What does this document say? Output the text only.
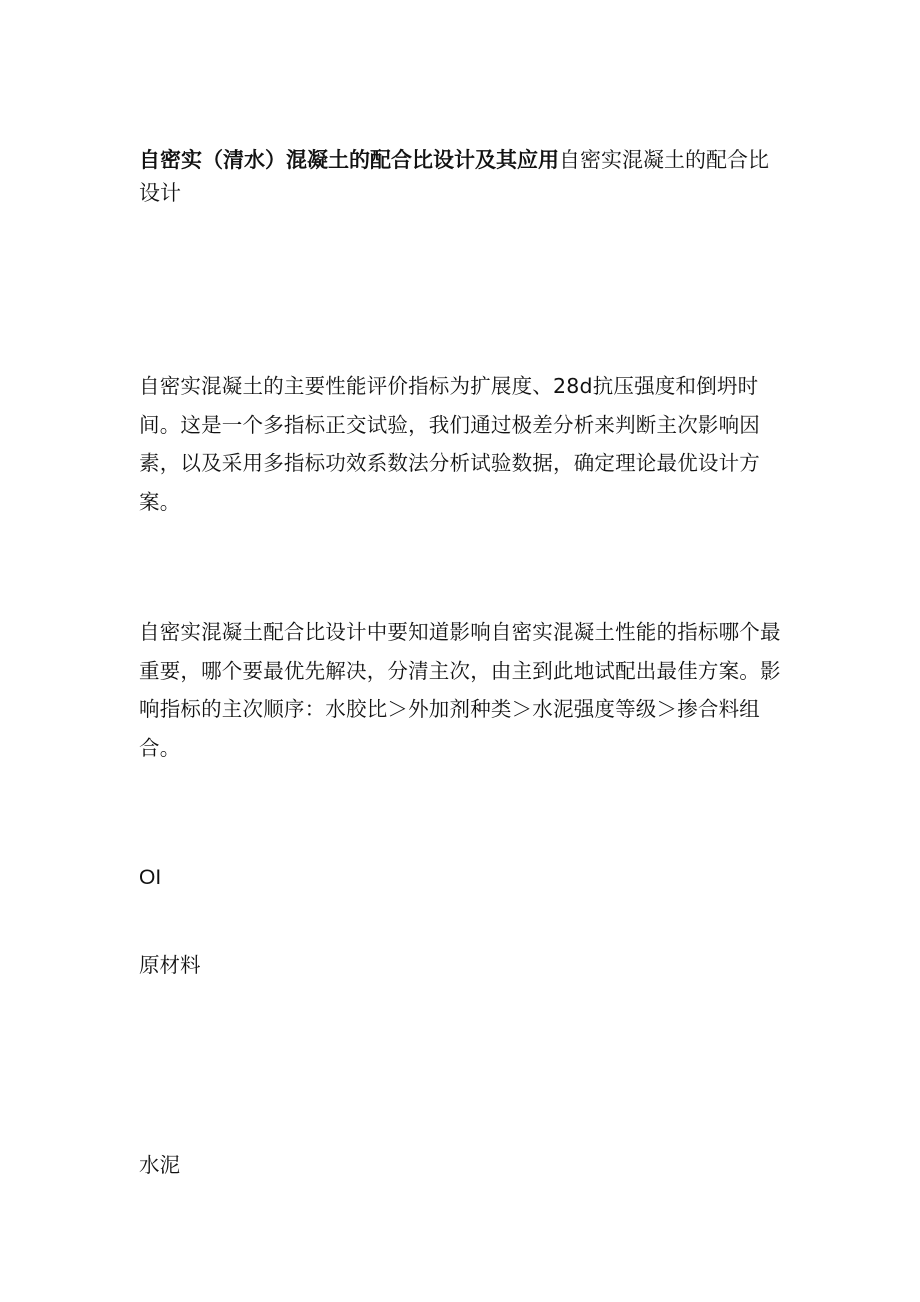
自密实（清水）混凝土的配合比设计及其应用自密实混凝土的配合比设计

自密实混凝土的主要性能评价指标为扩展度、28d抗压强度和倒坍时间。这是一个多指标正交试验，我们通过极差分析来判断主次影响因素，以及采用多指标功效系数法分析试验数据，确定理论最优设计方案。

自密实混凝土配合比设计中要知道影响自密实混凝土性能的指标哪个最重要，哪个要最优先解决，分清主次，由主到此地试配出最佳方案。影响指标的主次顺序：水胶比＞外加剂种类＞水泥强度等级＞掺合料组合。

OI

原材料

水泥
